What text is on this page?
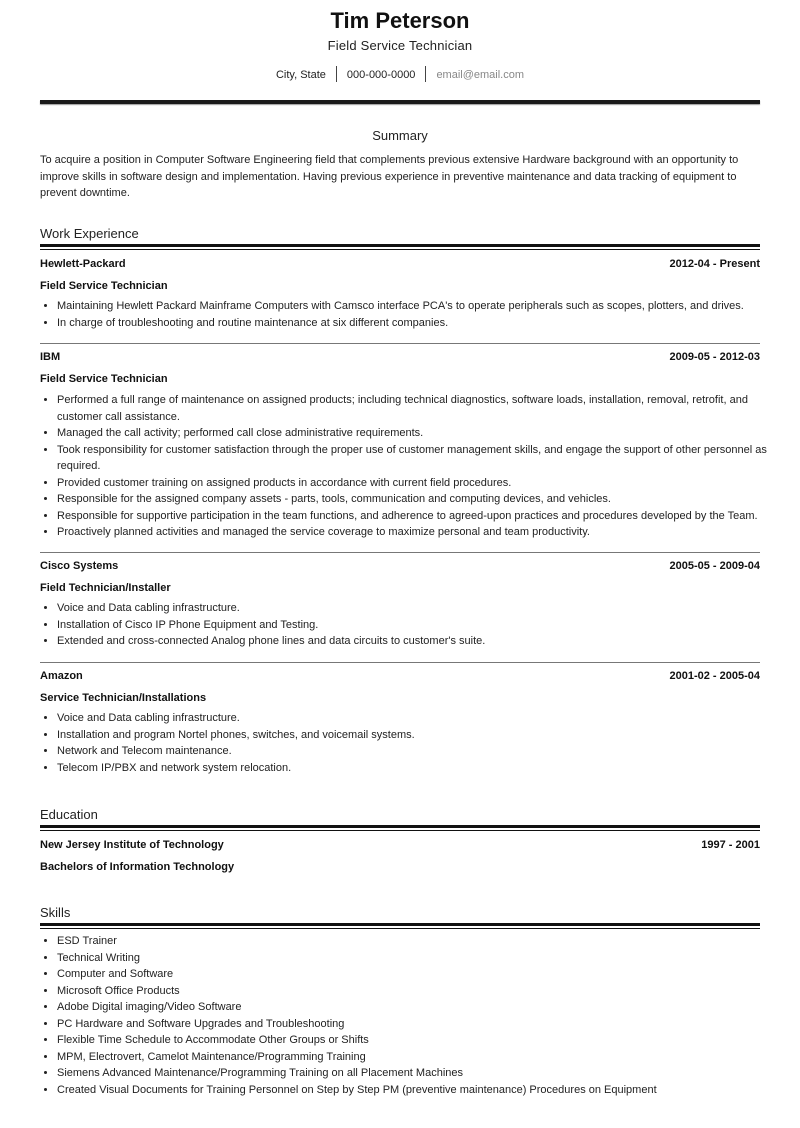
Tim Peterson
Field Service Technician
City, State 000-000-0000 email@email.com
Summary
To acquire a position in Computer Software Engineering field that complements previous extensive Hardware background with an opportunity to improve skills in software design and implementation. Having previous experience in preventive maintenance and data tracking of equipment to prevent downtime.
Work Experience
Hewlett-Packard	2012-04 - Present
Field Service Technician
• Maintaining Hewlett Packard Mainframe Computers with Camsco interface PCA's to operate peripherals such as scopes, plotters, and drives.
• In charge of troubleshooting and routine maintenance at six different companies.
IBM	2009-05 - 2012-03
Field Service Technician
• Performed a full range of maintenance on assigned products; including technical diagnostics, software loads, installation, removal, retrofit, and customer call assistance.
• Managed the call activity; performed call close administrative requirements.
• Took responsibility for customer satisfaction through the proper use of customer management skills, and engage the support of other personnel as required.
• Provided customer training on assigned products in accordance with current field procedures.
• Responsible for the assigned company assets - parts, tools, communication and computing devices, and vehicles.
• Responsible for supportive participation in the team functions, and adherence to agreed-upon practices and procedures developed by the Team.
• Proactively planned activities and managed the service coverage to maximize personal and team productivity.
Cisco Systems	2005-05 - 2009-04
Field Technician/Installer
• Voice and Data cabling infrastructure.
• Installation of Cisco IP Phone Equipment and Testing.
• Extended and cross-connected Analog phone lines and data circuits to customer's suite.
Amazon	2001-02 - 2005-04
Service Technician/Installations
• Voice and Data cabling infrastructure.
• Installation and program Nortel phones, switches, and voicemail systems.
• Network and Telecom maintenance.
• Telecom IP/PBX and network system relocation.
Education
New Jersey Institute of Technology	1997 - 2001
Bachelors of Information Technology
Skills
• ESD Trainer
• Technical Writing
• Computer and Software
• Microsoft Office Products
• Adobe Digital imaging/Video Software
• PC Hardware and Software Upgrades and Troubleshooting
• Flexible Time Schedule to Accommodate Other Groups or Shifts
• MPM, Electrovert, Camelot Maintenance/Programming Training
• Siemens Advanced Maintenance/Programming Training on all Placement Machines
• Created Visual Documents for Training Personnel on Step by Step PM (preventive maintenance) Procedures on Equipment
